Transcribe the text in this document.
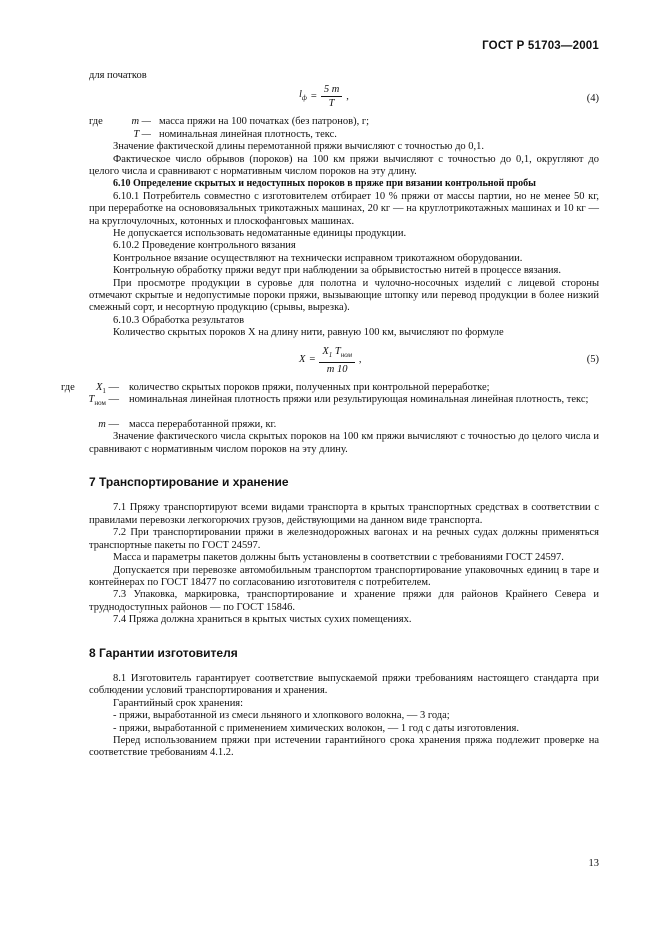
ГОСТ Р 51703—2001

для початков

$l_ф = \frac{5 m}{T}$ ,	(4)
где	m — масса пряжи на 100 початках (без патронов), г;
T — номинальная линейная плотность, текс.

Значение фактической длины перемотанной пряжи вычисляют с точностью до 0,1.

Фактическое число обрывов (пороков) на 100 км пряжи вычисляют с точностью до 0,1, округляют до целого числа и сравнивают с нормативным числом пороков на эту длину.

6.10 Определение скрытых и недоступных пороков в пряже при вязании контрольной пробы

6.10.1 Потребитель совместно с изготовителем отбирает 10 % пряжи от массы партии, но не менее 50 кг, при переработке на основовязальных трикотажных машинах, 20 кг — на круглотрикотажных машинах и 10 кг — на круглочулочных, котонных и плоскофанговых машинах.

Не допускается использовать недоматанные единицы продукции.

6.10.2 Проведение контрольного вязания

Контрольное вязание осуществляют на технически исправном трикотажном оборудовании.

Контрольную обработку пряжи ведут при наблюдении за обрывистостью нитей в процессе вязания.

При просмотре продукции в суровье для полотна и чулочно-носочных изделий с лицевой стороны отмечают скрытые и недопустимые пороки пряжи, вызывающие штопку или перевод продукции в более низкий смежный сорт, и несортную продукцию (срывы, вырезка).

6.10.3 Обработка результатов

Количество скрытых пороков X на длину нити, равную 100 км, вычисляют по формуле

$X = \frac{X_1 T_{ном}}{m 10}$ ,	(5)
где	$X_1$ — количество скрытых пороков пряжи, полученных при контрольной переработке;
$T_{ном}$ — номинальная линейная плотность пряжи или результирующая номинальная линейная плотность, текс;
m — масса переработанной пряжи, кг.

Значение фактического числа скрытых пороков на 100 км пряжи вычисляют с точностью до целого числа и сравнивают с нормативным числом пороков на эту длину.

7 Транспортирование и хранение

7.1 Пряжу транспортируют всеми видами транспорта в крытых транспортных средствах в соответствии с правилами перевозки легкогорючих грузов, действующими на данном виде транспорта.

7.2 При транспортировании пряжи в железнодорожных вагонах и на речных судах должны применяться транспортные пакеты по ГОСТ 24597.

Масса и параметры пакетов должны быть установлены в соответствии с требованиями ГОСТ 24597.

Допускается при перевозке автомобильным транспортом транспортирование упаковочных единиц в таре и контейнерах по ГОСТ 18477 по согласованию изготовителя с потребителем.

7.3 Упаковка, маркировка, транспортирование и хранение пряжи для районов Крайнего Севера и труднодоступных районов — по ГОСТ 15846.

7.4 Пряжа должна храниться в крытых чистых сухих помещениях.

8 Гарантии изготовителя

8.1 Изготовитель гарантирует соответствие выпускаемой пряжи требованиям настоящего стандарта при соблюдении условий транспортирования и хранения.

Гарантийный срок хранения:

- пряжи, выработанной из смеси льняного и хлопкового волокна, — 3 года;

- пряжи, выработанной с применением химических волокон, — 1 год с даты изготовления.

Перед использованием пряжи при истечении гарантийного срока хранения пряжа подлежит проверке на соответствие требованиям 4.1.2.

13
